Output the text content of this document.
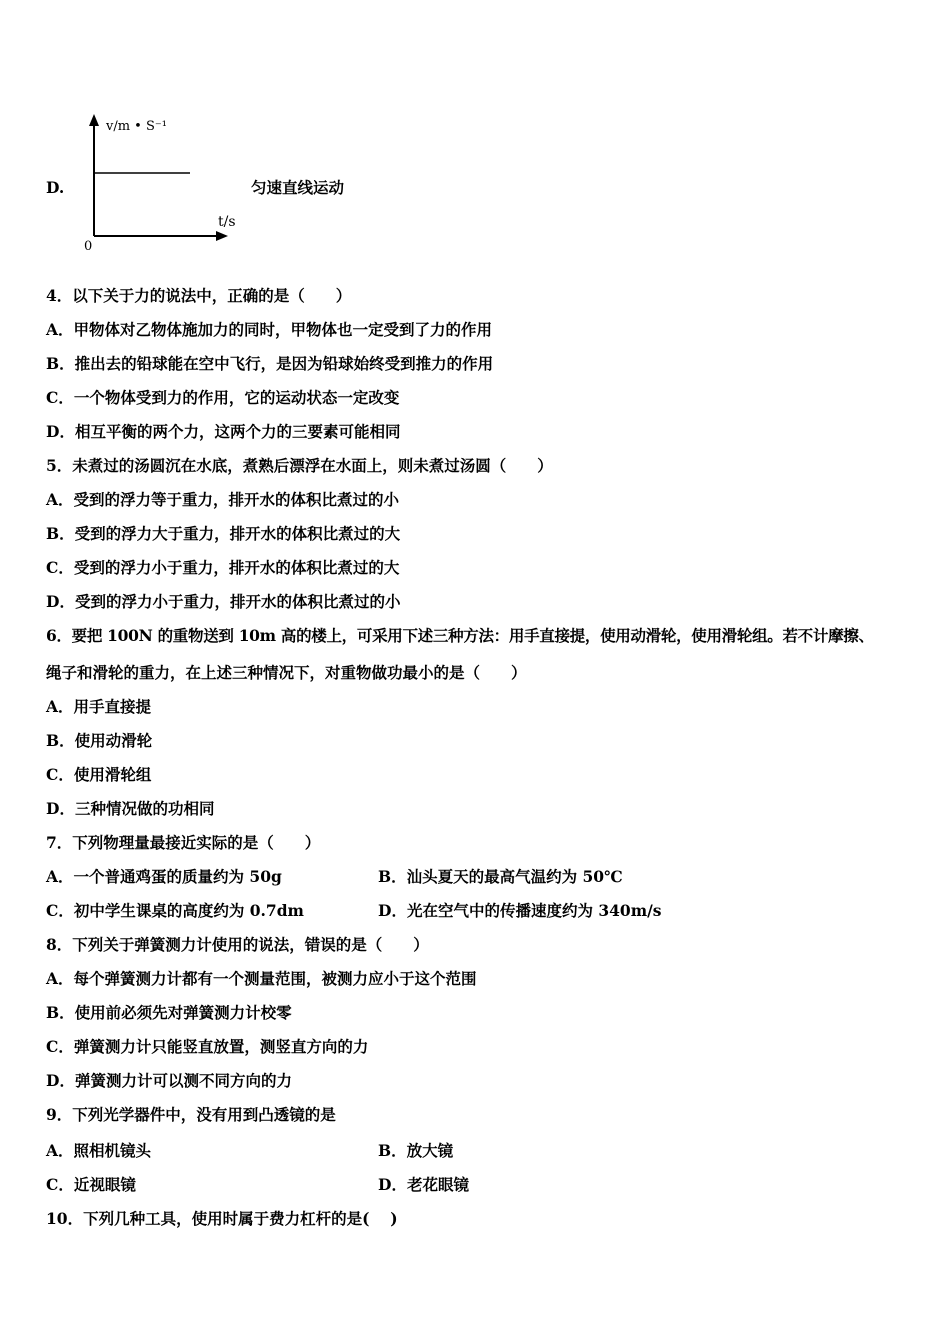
D.
v/m • S⁻¹
t/s
0
匀速直线运动
4．以下关于力的说法中，正确的是（　　）
A．甲物体对乙物体施加力的同时，甲物体也一定受到了力的作用
B．推出去的铅球能在空中飞行，是因为铅球始终受到推力的作用
C．一个物体受到力的作用，它的运动状态一定改变
D．相互平衡的两个力，这两个力的三要素可能相同
5．未煮过的汤圆沉在水底，煮熟后漂浮在水面上，则未煮过汤圆（　　）
A．受到的浮力等于重力，排开水的体积比煮过的小
B．受到的浮力大于重力，排开水的体积比煮过的大
C．受到的浮力小于重力，排开水的体积比煮过的大
D．受到的浮力小于重力，排开水的体积比煮过的小
6．要把 100N 的重物送到 10m 高的楼上，可采用下述三种方法：用手直接提，使用动滑轮，使用滑轮组。若不计摩擦、
绳子和滑轮的重力，在上述三种情况下，对重物做功最小的是（　　）
A．用手直接提
B．使用动滑轮
C．使用滑轮组
D．三种情况做的功相同
7．下列物理量最接近实际的是（　　）
A．一个普通鸡蛋的质量约为 50g	B．汕头夏天的最高气温约为 50℃
C．初中学生课桌的高度约为 0.7dm	D．光在空气中的传播速度约为 340m/s
8．下列关于弹簧测力计使用的说法，错误的是（　　）
A．每个弹簧测力计都有一个测量范围，被测力应小于这个范围
B．使用前必须先对弹簧测力计校零
C．弹簧测力计只能竖直放置，测竖直方向的力
D．弹簧测力计可以测不同方向的力
9．下列光学器件中，没有用到凸透镜的是
A．照相机镜头	B．放大镜
C．近视眼镜	D．老花眼镜
10．下列几种工具，使用时属于费力杠杆的是(　 )
